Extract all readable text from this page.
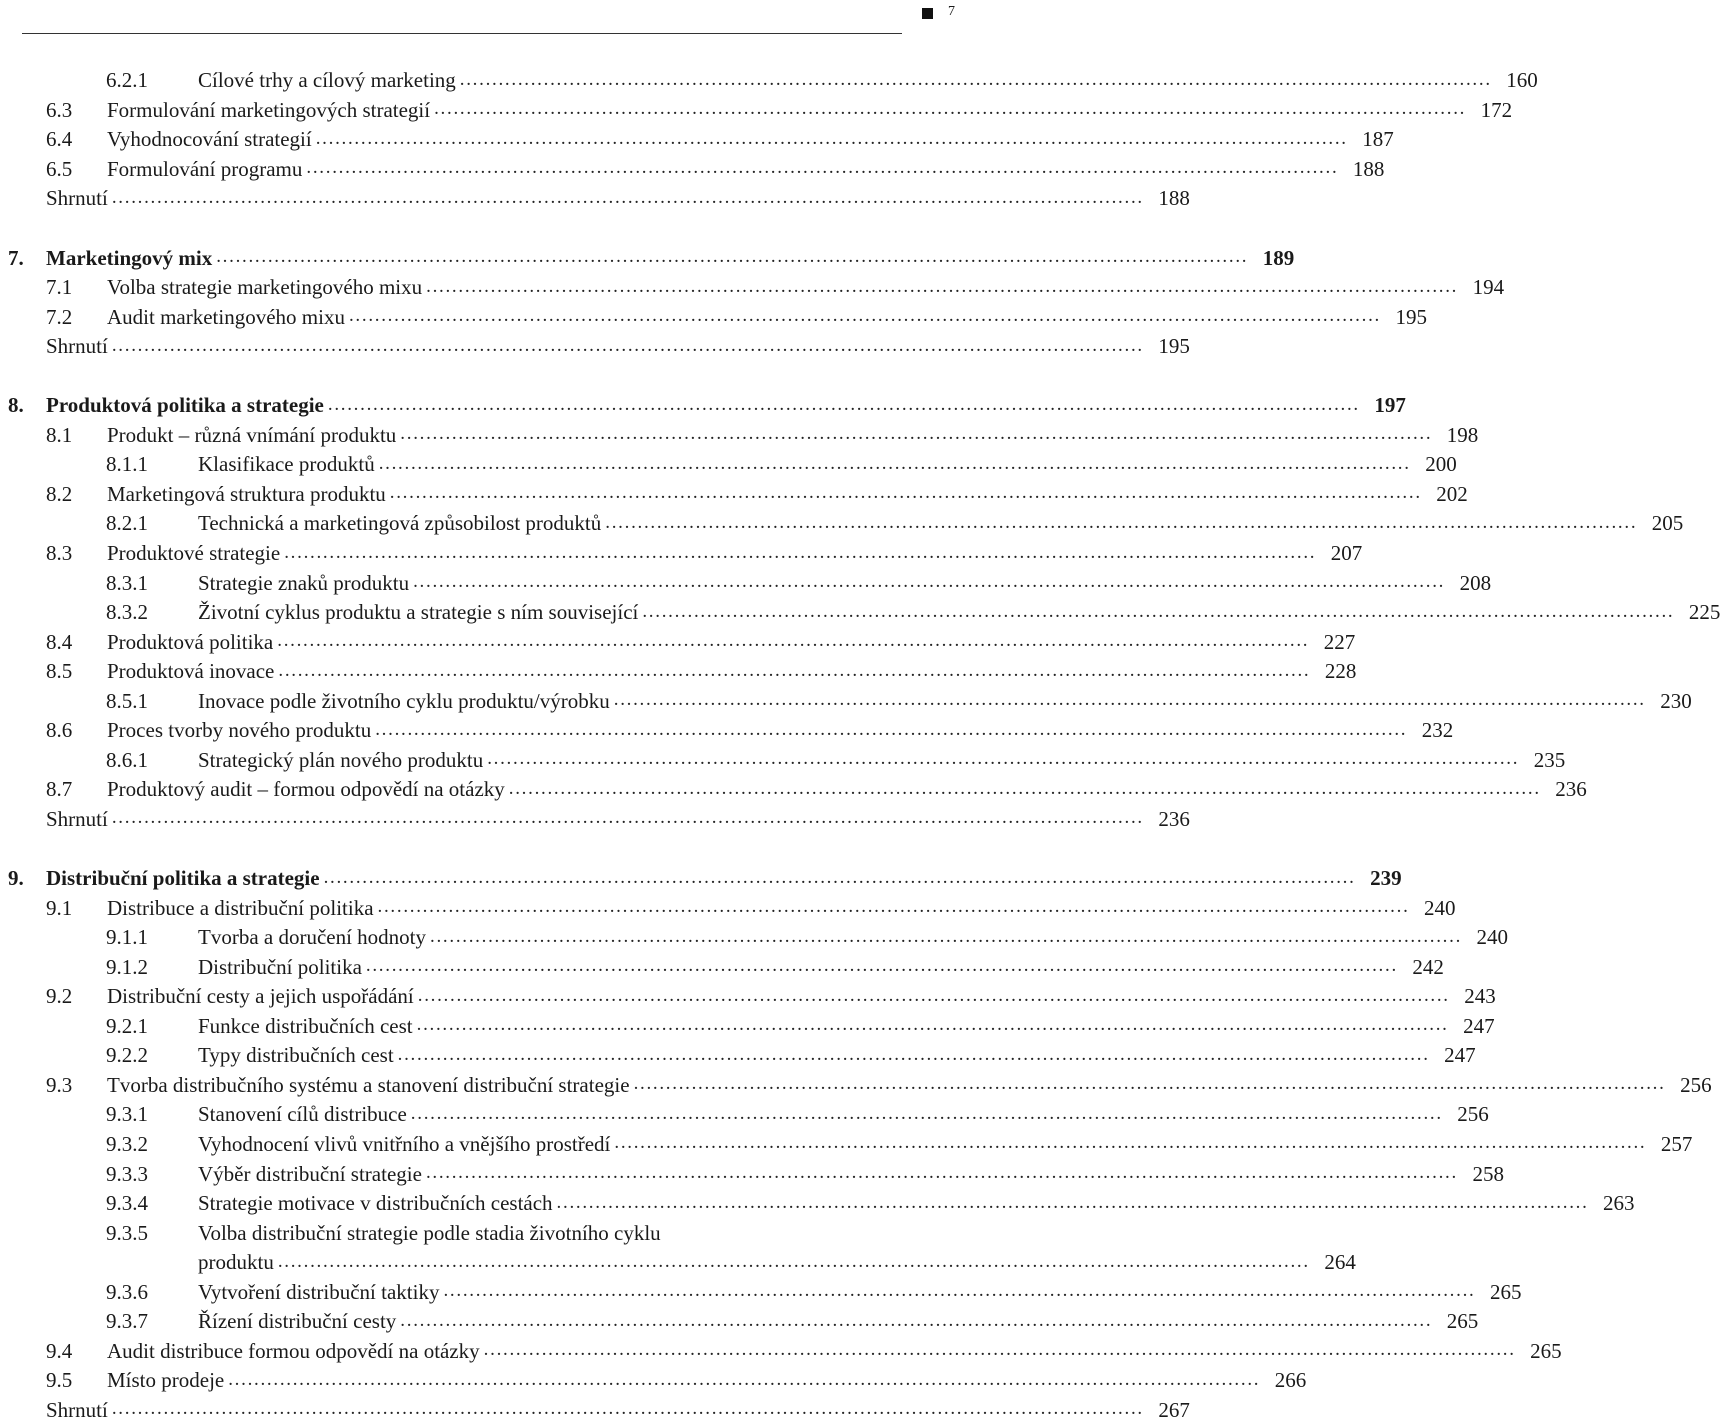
7
6.2.1	Cílové trhy a cílový marketing ................................................................................................................................................................ 160
6.3	Formulování marketingových strategií ................................................................................................................................................................ 172
6.4	Vyhodnocování strategií ................................................................................................................................................................ 187
6.5	Formulování programu ................................................................................................................................................................ 188
Shrnutí ................................................................................................................................................................ 188
7.	Marketingový mix ................................................................................................................................................................ 189
7.1	Volba strategie marketingového mixu ................................................................................................................................................................ 194
7.2	Audit marketingového mixu ................................................................................................................................................................ 195
Shrnutí ................................................................................................................................................................ 195
8.	Produktová politika a strategie ................................................................................................................................................................ 197
8.1	Produkt – různá vnímání produktu ................................................................................................................................................................ 198
8.1.1	Klasifikace produktů ................................................................................................................................................................ 200
8.2	Marketingová struktura produktu ................................................................................................................................................................ 202
8.2.1	Technická a marketingová způsobilost produktů ................................................................................................................................................................ 205
8.3	Produktové strategie ................................................................................................................................................................ 207
8.3.1	Strategie znaků produktu ................................................................................................................................................................ 208
8.3.2	Životní cyklus produktu a strategie s ním související ................................................................................................................................................................ 225
8.4	Produktová politika ................................................................................................................................................................ 227
8.5	Produktová inovace ................................................................................................................................................................ 228
8.5.1	Inovace podle životního cyklu produktu/výrobku ................................................................................................................................................................ 230
8.6	Proces tvorby nového produktu ................................................................................................................................................................ 232
8.6.1	Strategický plán nového produktu ................................................................................................................................................................ 235
8.7	Produktový audit – formou odpovědí na otázky ................................................................................................................................................................ 236
Shrnutí ................................................................................................................................................................ 236
9.	Distribuční politika a strategie ................................................................................................................................................................ 239
9.1	Distribuce a distribuční politika ................................................................................................................................................................ 240
9.1.1	Tvorba a doručení hodnoty ................................................................................................................................................................ 240
9.1.2	Distribuční politika ................................................................................................................................................................ 242
9.2	Distribuční cesty a jejich uspořádání ................................................................................................................................................................ 243
9.2.1	Funkce distribučních cest ................................................................................................................................................................ 247
9.2.2	Typy distribučních cest ................................................................................................................................................................ 247
9.3	Tvorba distribučního systému a stanovení distribuční strategie ................................................................................................................................................................ 256
9.3.1	Stanovení cílů distribuce ................................................................................................................................................................ 256
9.3.2	Vyhodnocení vlivů vnitřního a vnějšího prostředí ................................................................................................................................................................ 257
9.3.3	Výběr distribuční strategie ................................................................................................................................................................ 258
9.3.4	Strategie motivace v distribučních cestách ................................................................................................................................................................ 263
9.3.5	Volba distribuční strategie podle stadia životního cyklu
produktu ................................................................................................................................................................ 264
9.3.6	Vytvoření distribuční taktiky ................................................................................................................................................................ 265
9.3.7	Řízení distribuční cesty ................................................................................................................................................................ 265
9.4	Audit distribuce formou odpovědí na otázky ................................................................................................................................................................ 265
9.5	Místo prodeje ................................................................................................................................................................ 266
Shrnutí ................................................................................................................................................................ 267
